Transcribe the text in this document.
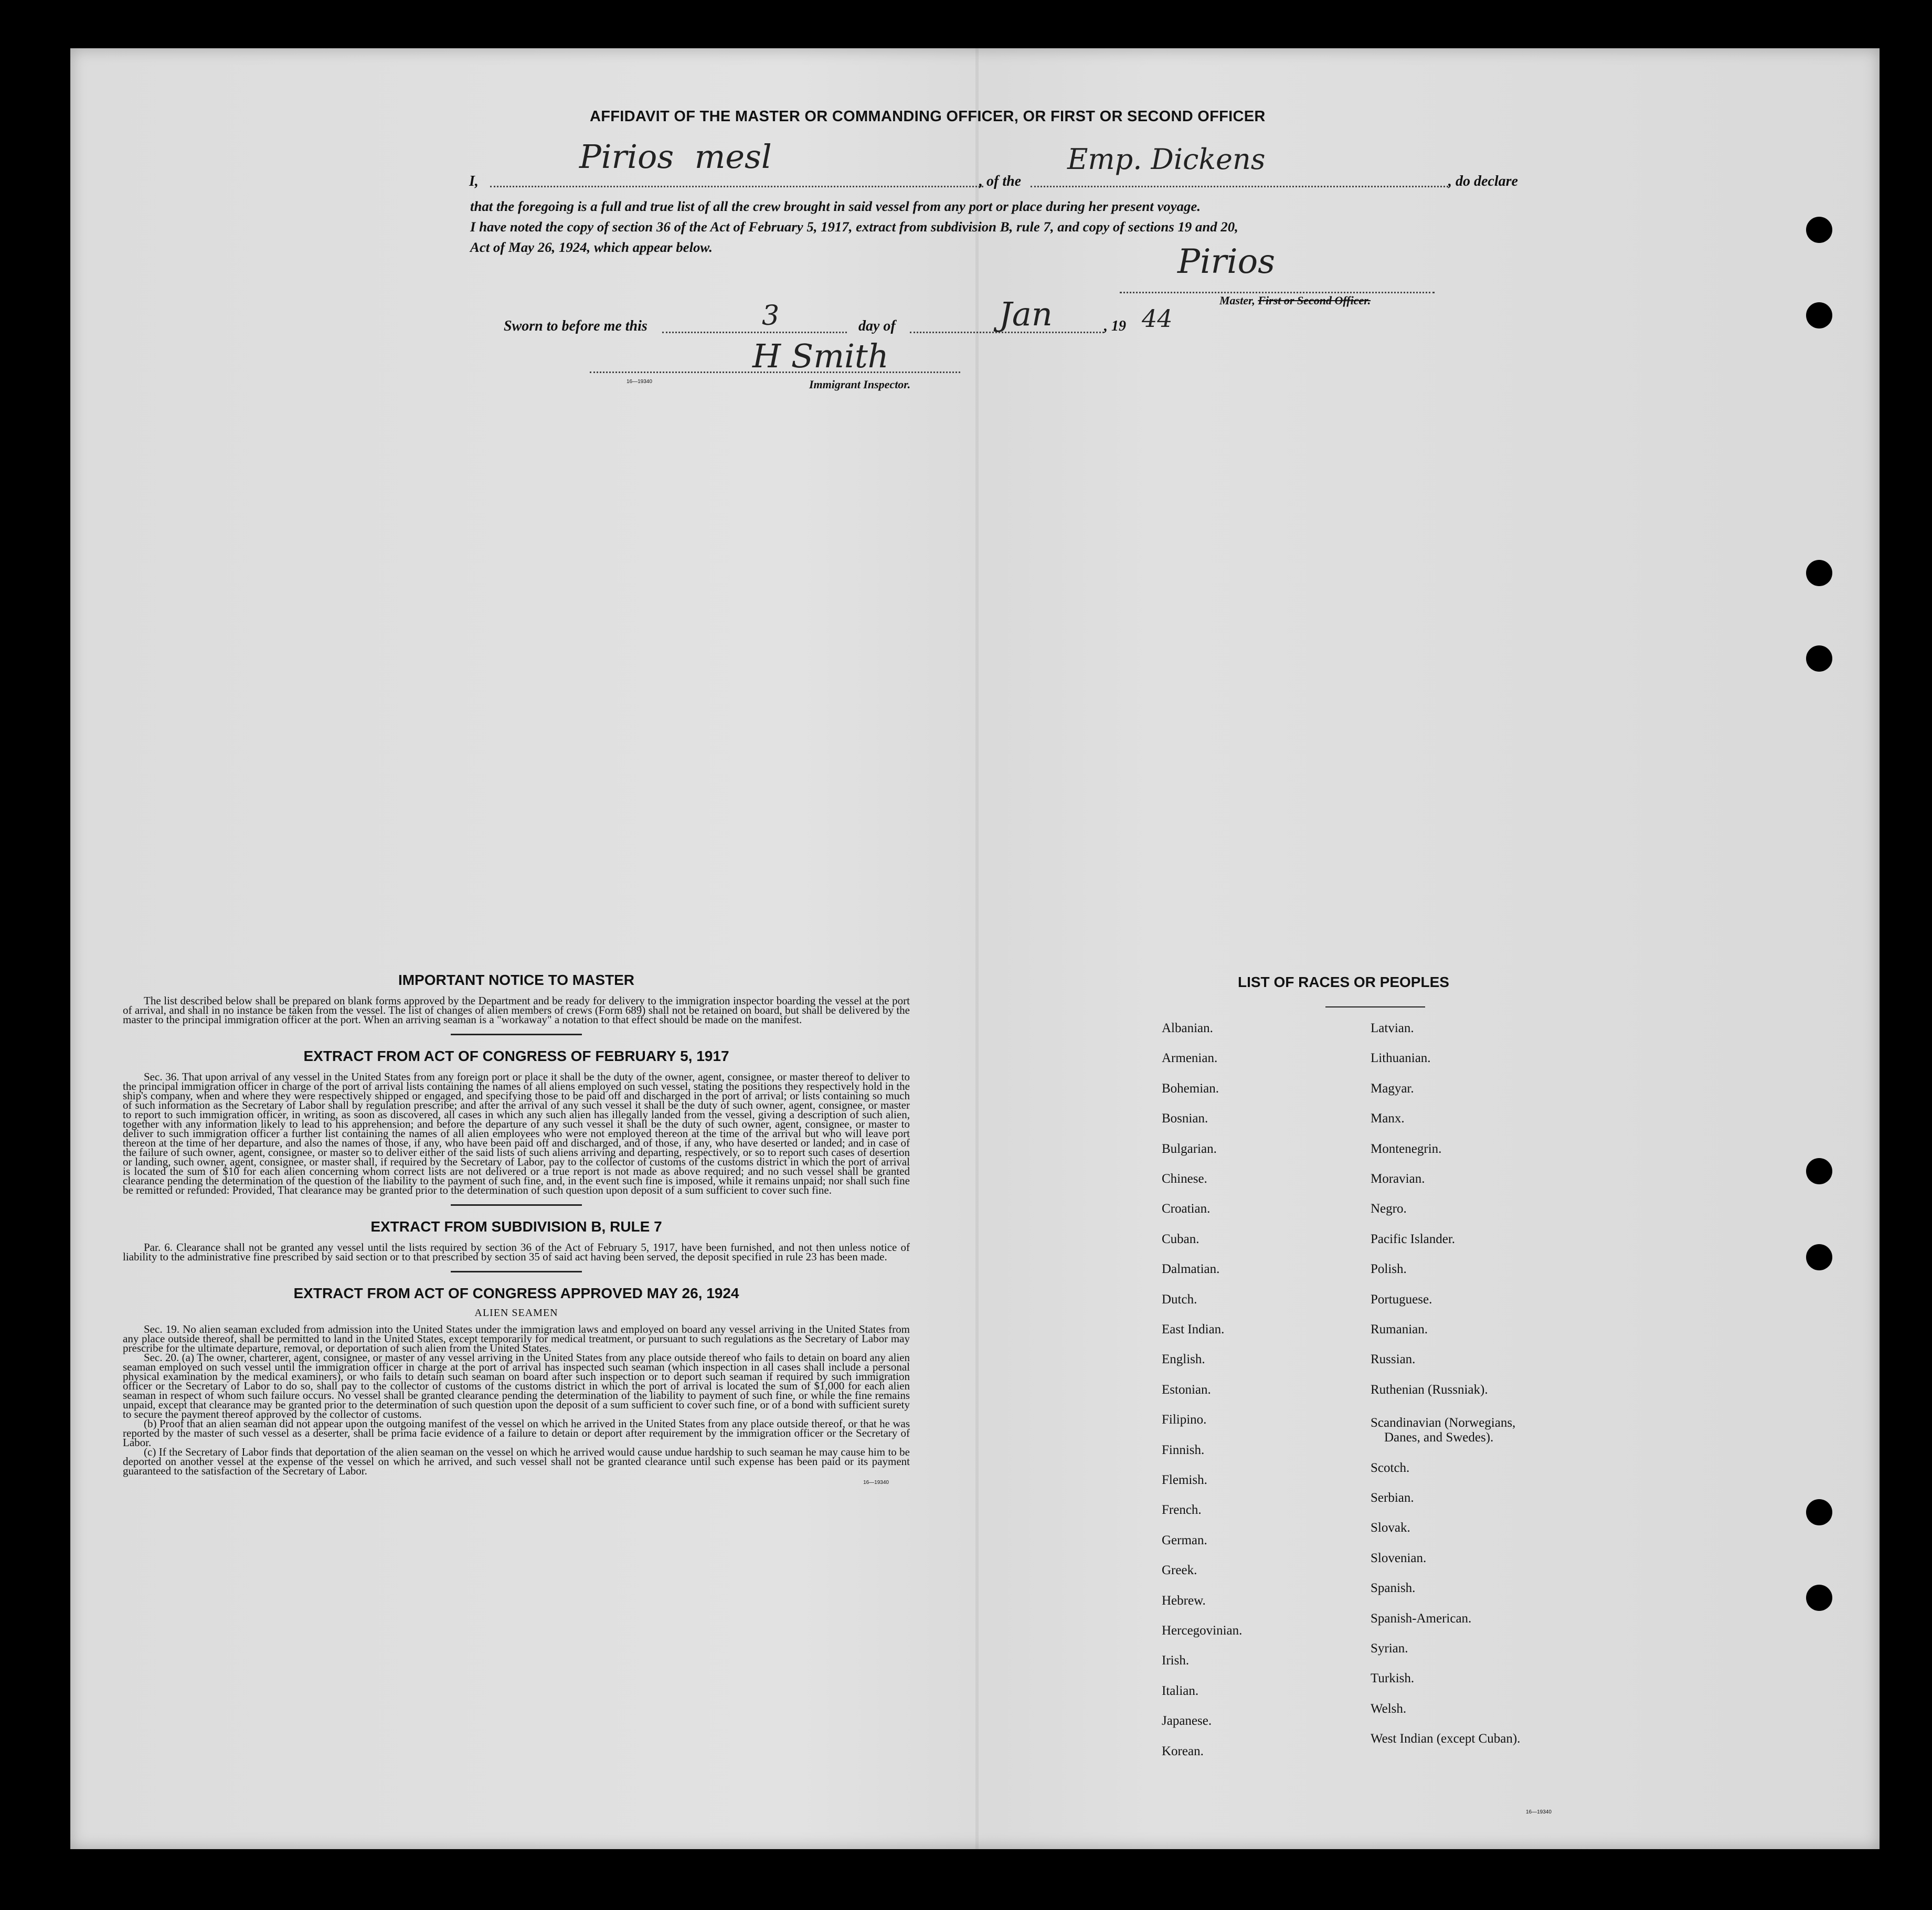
AFFIDAVIT OF THE MASTER OR COMMANDING OFFICER, OR FIRST OR SECOND OFFICER
I,
Pirios  mesl
, of the
Emp. Dickens
, do declare
that the foregoing is a full and true list of all the crew brought in said vessel from any port or place during her present voyage.
I have noted the copy of section 36 of the Act of February 5, 1917, extract from subdivision B, rule 7, and copy of sections 19 and 20,
Act of May 26, 1924, which appear below.	Pirios
Master, First or Second Officer.
Sworn to before me this	3	day of	Jan	, 19 44
H Smith
16—19340	Immigrant Inspector.
IMPORTANT NOTICE TO MASTER

The list described below shall be prepared on blank forms approved by the Department and be ready for delivery to the immigration inspector boarding the vessel at the port of arrival, and shall in no instance be taken from the vessel. The list of changes of alien members of crews (Form 689) shall not be retained on board, but shall be delivered by the master to the principal immigration officer at the port. When an arriving seaman is a "workaway" a notation to that effect should be made on the manifest.

EXTRACT FROM ACT OF CONGRESS OF FEBRUARY 5, 1917

Sec. 36. That upon arrival of any vessel in the United States from any foreign port or place it shall be the duty of the owner, agent, consignee, or master thereof to deliver to the principal immigration officer in charge of the port of arrival lists containing the names of all aliens employed on such vessel, stating the positions they respectively hold in the ship's company, when and where they were respectively shipped or engaged, and specifying those to be paid off and discharged in the port of arrival; or lists containing so much of such information as the Secretary of Labor shall by regulation prescribe; and after the arrival of any such vessel it shall be the duty of such owner, agent, consignee, or master to report to such immigration officer, in writing, as soon as discovered, all cases in which any such alien has illegally landed from the vessel, giving a description of such alien, together with any information likely to lead to his apprehension; and before the departure of any such vessel it shall be the duty of such owner, agent, consignee, or master to deliver to such immigration officer a further list containing the names of all alien employees who were not employed thereon at the time of the arrival but who will leave port thereon at the time of her departure, and also the names of those, if any, who have been paid off and discharged, and of those, if any, who have deserted or landed; and in case of the failure of such owner, agent, consignee, or master so to deliver either of the said lists of such aliens arriving and departing, respectively, or so to report such cases of desertion or landing, such owner, agent, consignee, or master shall, if required by the Secretary of Labor, pay to the collector of customs of the customs district in which the port of arrival is located the sum of $10 for each alien concerning whom correct lists are not delivered or a true report is not made as above required; and no such vessel shall be granted clearance pending the determination of the question of the liability to the payment of such fine, and, in the event such fine is imposed, while it remains unpaid; nor shall such fine be remitted or refunded: Provided, That clearance may be granted prior to the determination of such question upon deposit of a sum sufficient to cover such fine.

EXTRACT FROM SUBDIVISION B, RULE 7

Par. 6. Clearance shall not be granted any vessel until the lists required by section 36 of the Act of February 5, 1917, have been furnished, and not then unless notice of liability to the administrative fine prescribed by said section or to that prescribed by section 35 of said act having been served, the deposit specified in rule 23 has been made.

EXTRACT FROM ACT OF CONGRESS APPROVED MAY 26, 1924
ALIEN SEAMEN

Sec. 19. No alien seaman excluded from admission into the United States under the immigration laws and employed on board any vessel arriving in the United States from any place outside thereof, shall be permitted to land in the United States, except temporarily for medical treatment, or pursuant to such regulations as the Secretary of Labor may prescribe for the ultimate departure, removal, or deportation of such alien from the United States.

Sec. 20. (a) The owner, charterer, agent, consignee, or master of any vessel arriving in the United States from any place outside thereof who fails to detain on board any alien seaman employed on such vessel until the immigration officer in charge at the port of arrival has inspected such seaman (which inspection in all cases shall include a personal physical examination by the medical examiners), or who fails to detain such seaman on board after such inspection or to deport such seaman if required by such immigration officer or the Secretary of Labor to do so, shall pay to the collector of customs of the customs district in which the port of arrival is located the sum of $1,000 for each alien seaman in respect of whom such failure occurs. No vessel shall be granted clearance pending the determination of the liability to payment of such fine, or while the fine remains unpaid, except that clearance may be granted prior to the determination of such question upon the deposit of a sum sufficient to cover such fine, or of a bond with sufficient surety to secure the payment thereof approved by the collector of customs.

(b) Proof that an alien seaman did not appear upon the outgoing manifest of the vessel on which he arrived in the United States from any place outside thereof, or that he was reported by the master of such vessel as a deserter, shall be prima facie evidence of a failure to detain or deport after requirement by the immigration officer or the Secretary of Labor.

(c) If the Secretary of Labor finds that deportation of the alien seaman on the vessel on which he arrived would cause undue hardship to such seaman he may cause him to be deported on another vessel at the expense of the vessel on which he arrived, and such vessel shall not be granted clearance until such expense has been paid or its payment guaranteed to the satisfaction of the Secretary of Labor.

16—19340
LIST OF RACES OR PEOPLES
16—19340
Albanian.
Armenian.
Bohemian.
Bosnian.
Bulgarian.
Chinese.
Croatian.
Cuban.
Dalmatian.
Dutch.
East Indian.
English.
Estonian.
Filipino.
Finnish.
Flemish.
French.
German.
Greek.
Hebrew.
Hercegovinian.
Irish.
Italian.
Japanese.
Korean.
Latvian.
Lithuanian.
Magyar.
Manx.
Montenegrin.
Moravian.
Negro.
Pacific Islander.
Polish.
Portuguese.
Rumanian.
Russian.
Ruthenian (Russniak).
Scandinavian (Norwegians,
Danes, and Swedes).
Scotch.
Serbian.
Slovak.
Slovenian.
Spanish.
Spanish-American.
Syrian.
Turkish.
Welsh.
West Indian (except Cuban).
